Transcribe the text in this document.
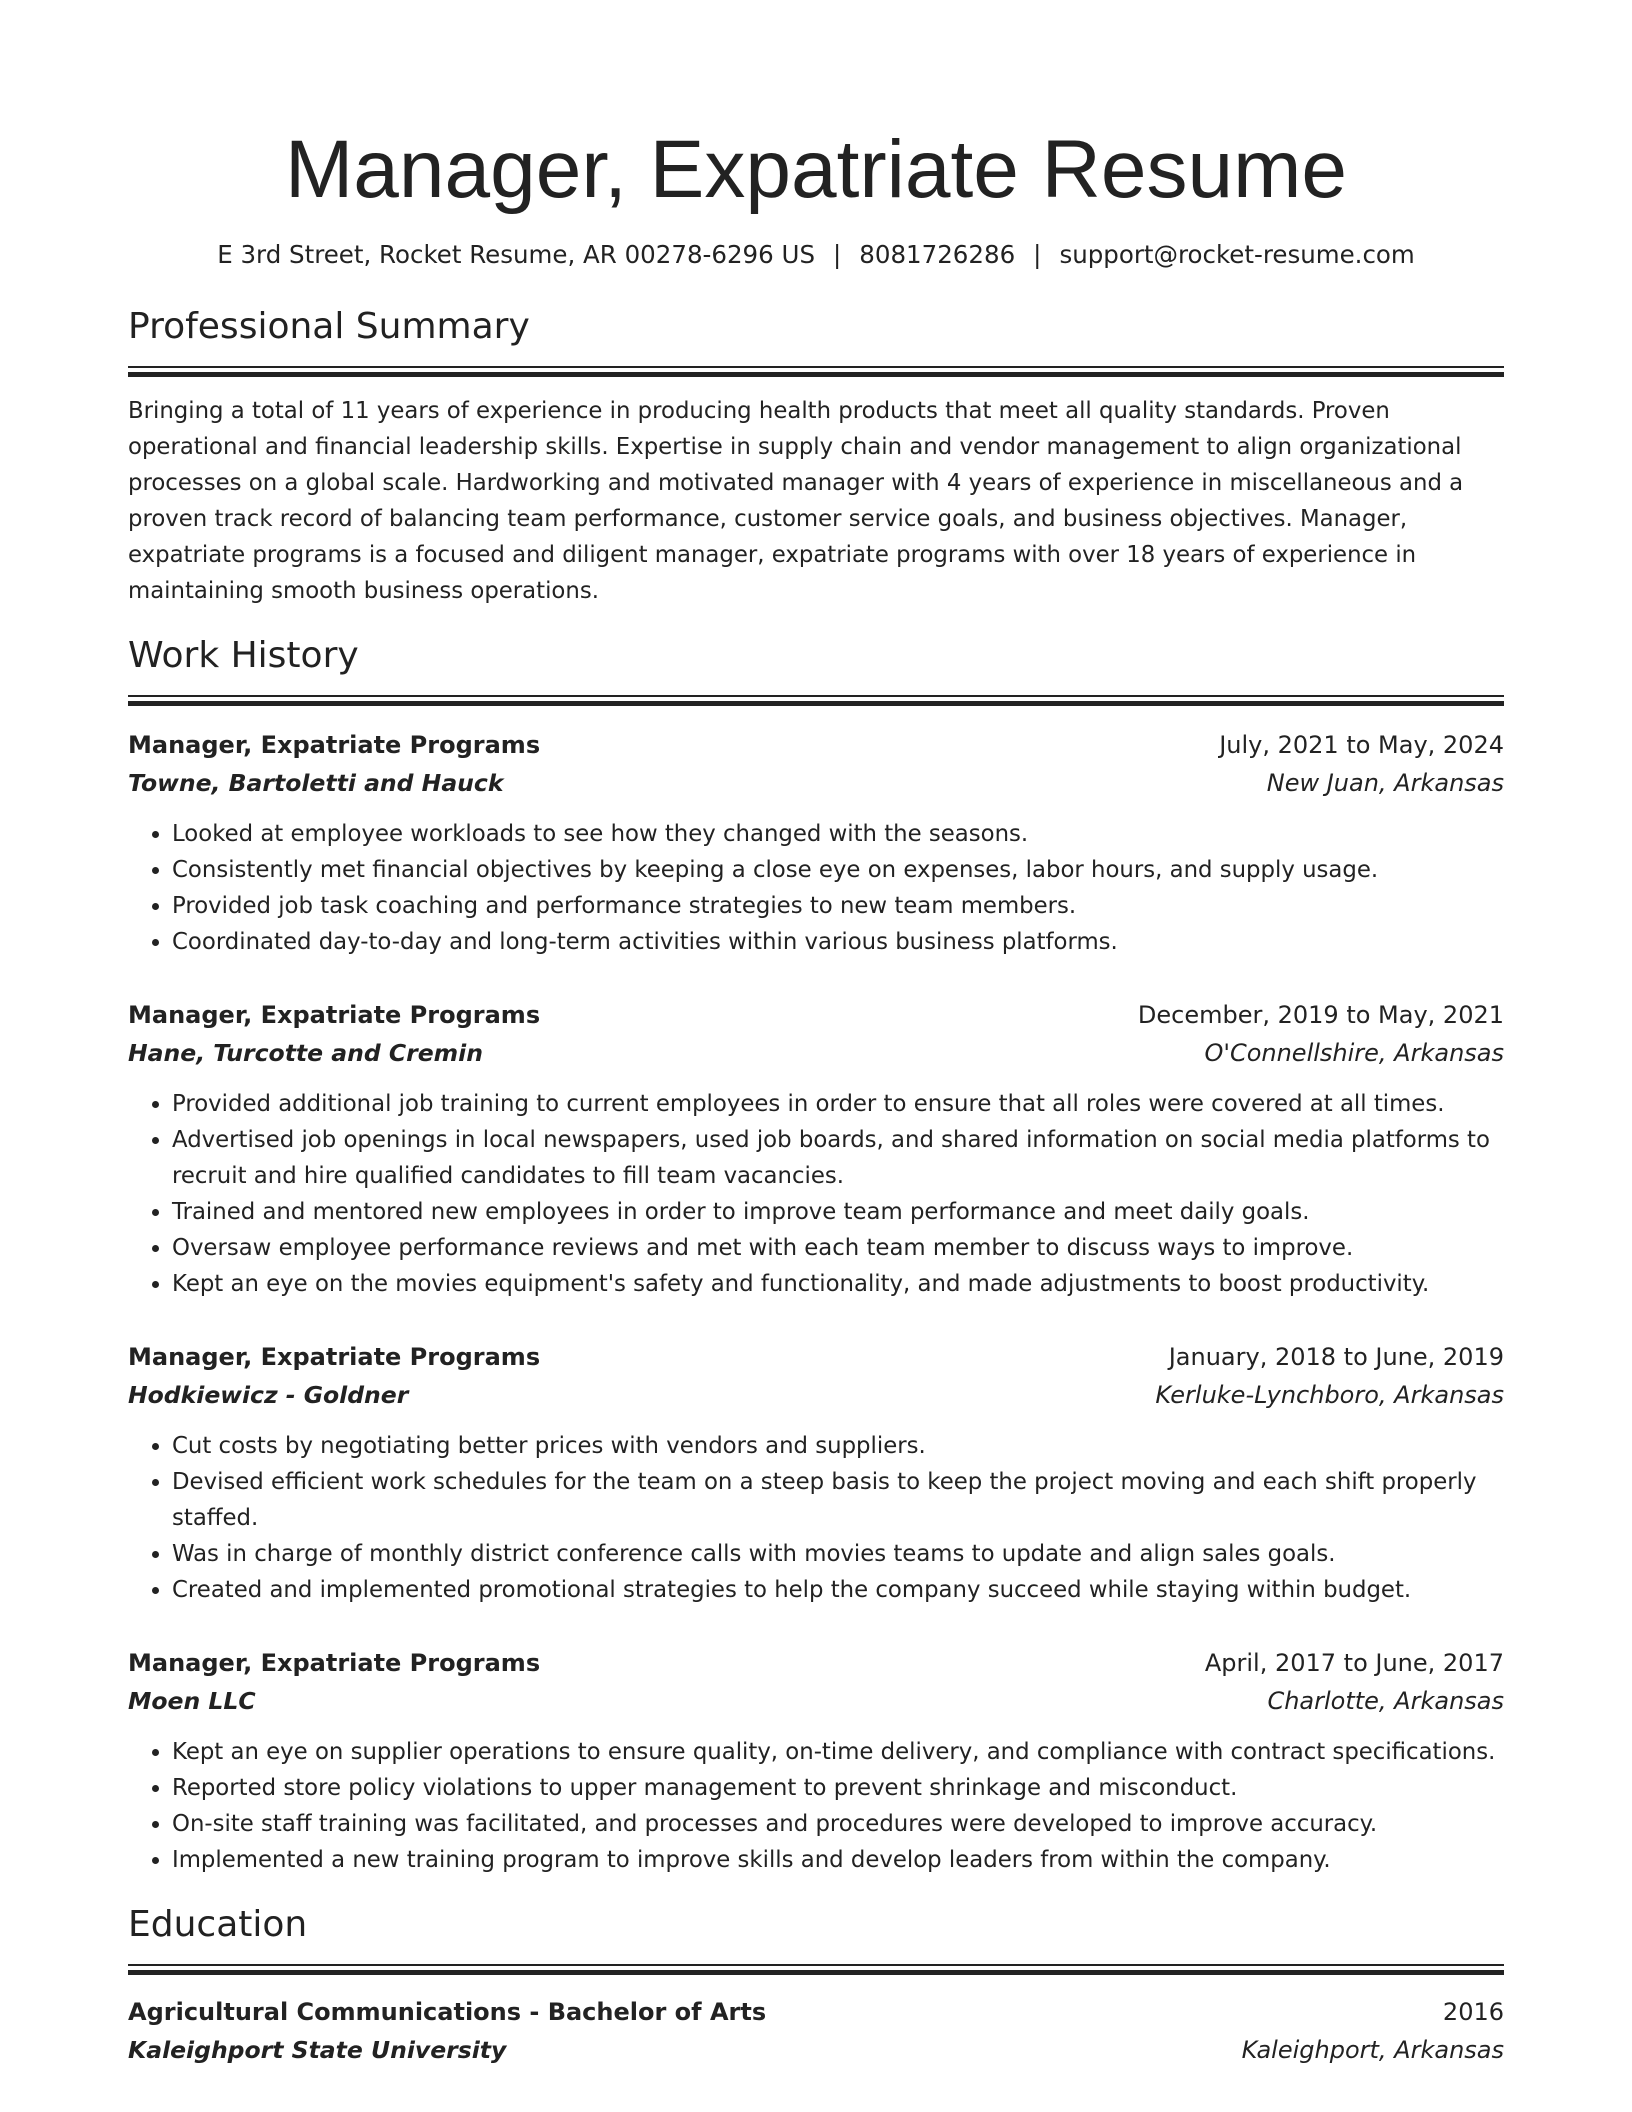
Manager, Expatriate Resume
E 3rd Street, Rocket Resume, AR 00278-6296 US | 8081726286 | support@rocket-resume.com
Professional Summary
Bringing a total of 11 years of experience in producing health products that meet all quality standards. Proven operational and financial leadership skills. Expertise in supply chain and vendor management to align organizational processes on a global scale. Hardworking and motivated manager with 4 years of experience in miscellaneous and a proven track record of balancing team performance, customer service goals, and business objectives. Manager, expatriate programs is a focused and diligent manager, expatriate programs with over 18 years of experience in maintaining smooth business operations.
Work History
Manager, Expatriate Programs	July, 2021 to May, 2024
Towne, Bartoletti and Hauck	New Juan, Arkansas
• Looked at employee workloads to see how they changed with the seasons.
• Consistently met financial objectives by keeping a close eye on expenses, labor hours, and supply usage.
• Provided job task coaching and performance strategies to new team members.
• Coordinated day-to-day and long-term activities within various business platforms.
Manager, Expatriate Programs	December, 2019 to May, 2021
Hane, Turcotte and Cremin	O'Connellshire, Arkansas
• Provided additional job training to current employees in order to ensure that all roles were covered at all times.
• Advertised job openings in local newspapers, used job boards, and shared information on social media platforms to recruit and hire qualified candidates to fill team vacancies.
• Trained and mentored new employees in order to improve team performance and meet daily goals.
• Oversaw employee performance reviews and met with each team member to discuss ways to improve.
• Kept an eye on the movies equipment's safety and functionality, and made adjustments to boost productivity.
Manager, Expatriate Programs	January, 2018 to June, 2019
Hodkiewicz - Goldner	Kerluke-Lynchboro, Arkansas
• Cut costs by negotiating better prices with vendors and suppliers.
• Devised efficient work schedules for the team on a steep basis to keep the project moving and each shift properly staffed.
• Was in charge of monthly district conference calls with movies teams to update and align sales goals.
• Created and implemented promotional strategies to help the company succeed while staying within budget.
Manager, Expatriate Programs	April, 2017 to June, 2017
Moen LLC	Charlotte, Arkansas
• Kept an eye on supplier operations to ensure quality, on-time delivery, and compliance with contract specifications.
• Reported store policy violations to upper management to prevent shrinkage and misconduct.
• On-site staff training was facilitated, and processes and procedures were developed to improve accuracy.
• Implemented a new training program to improve skills and develop leaders from within the company.
Education
Agricultural Communications - Bachelor of Arts	2016
Kaleighport State University	Kaleighport, Arkansas
